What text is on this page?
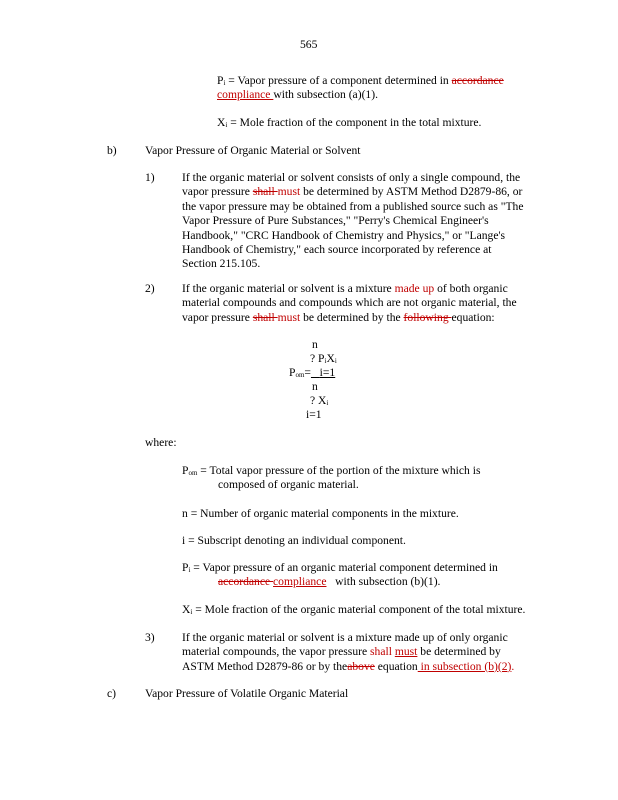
565
$P_i$ = Vapor pressure of a component determined in accordance
compliance with subsection (a)(1).
$X_i$ = Mole fraction of the component in the total mixture.
b) Vapor Pressure of Organic Material or Solvent
1) If the organic material or solvent consists of only a single compound, the
vapor pressure shall must be determined by ASTM Method D2879-86, or
the vapor pressure may be obtained from a published source such as "The
Vapor Pressure of Pure Substances," "Perry's Chemical Engineer's
Handbook," "CRC Handbook of Chemistry and Physics," or "Lange's
Handbook of Chemistry," each source incorporated by reference at
Section 215.105.
2) If the organic material or solvent is a mixture made up of both organic
material compounds and compounds which are not organic material, the
vapor pressure shall must be determined by the following equation:
n
? $P_iX_i$
$P_{om}= i=1$
n
? $X_i$
i=1
where:
$P_{om}$ = Total vapor pressure of the portion of the mixture which is
composed of organic material.
n = Number of organic material components in the mixture.
i = Subscript denoting an individual component.
$P_i$ = Vapor pressure of an organic material component determined in
accordance compliance   with subsection (b)(1).
$X_i$ = Mole fraction of the organic material component of the total mixture.
3) If the organic material or solvent is a mixture made up of only organic
material compounds, the vapor pressure shall must be determined by
ASTM Method D2879-86 or by theabove equation in subsection (b)(2).
c) Vapor Pressure of Volatile Organic Material
